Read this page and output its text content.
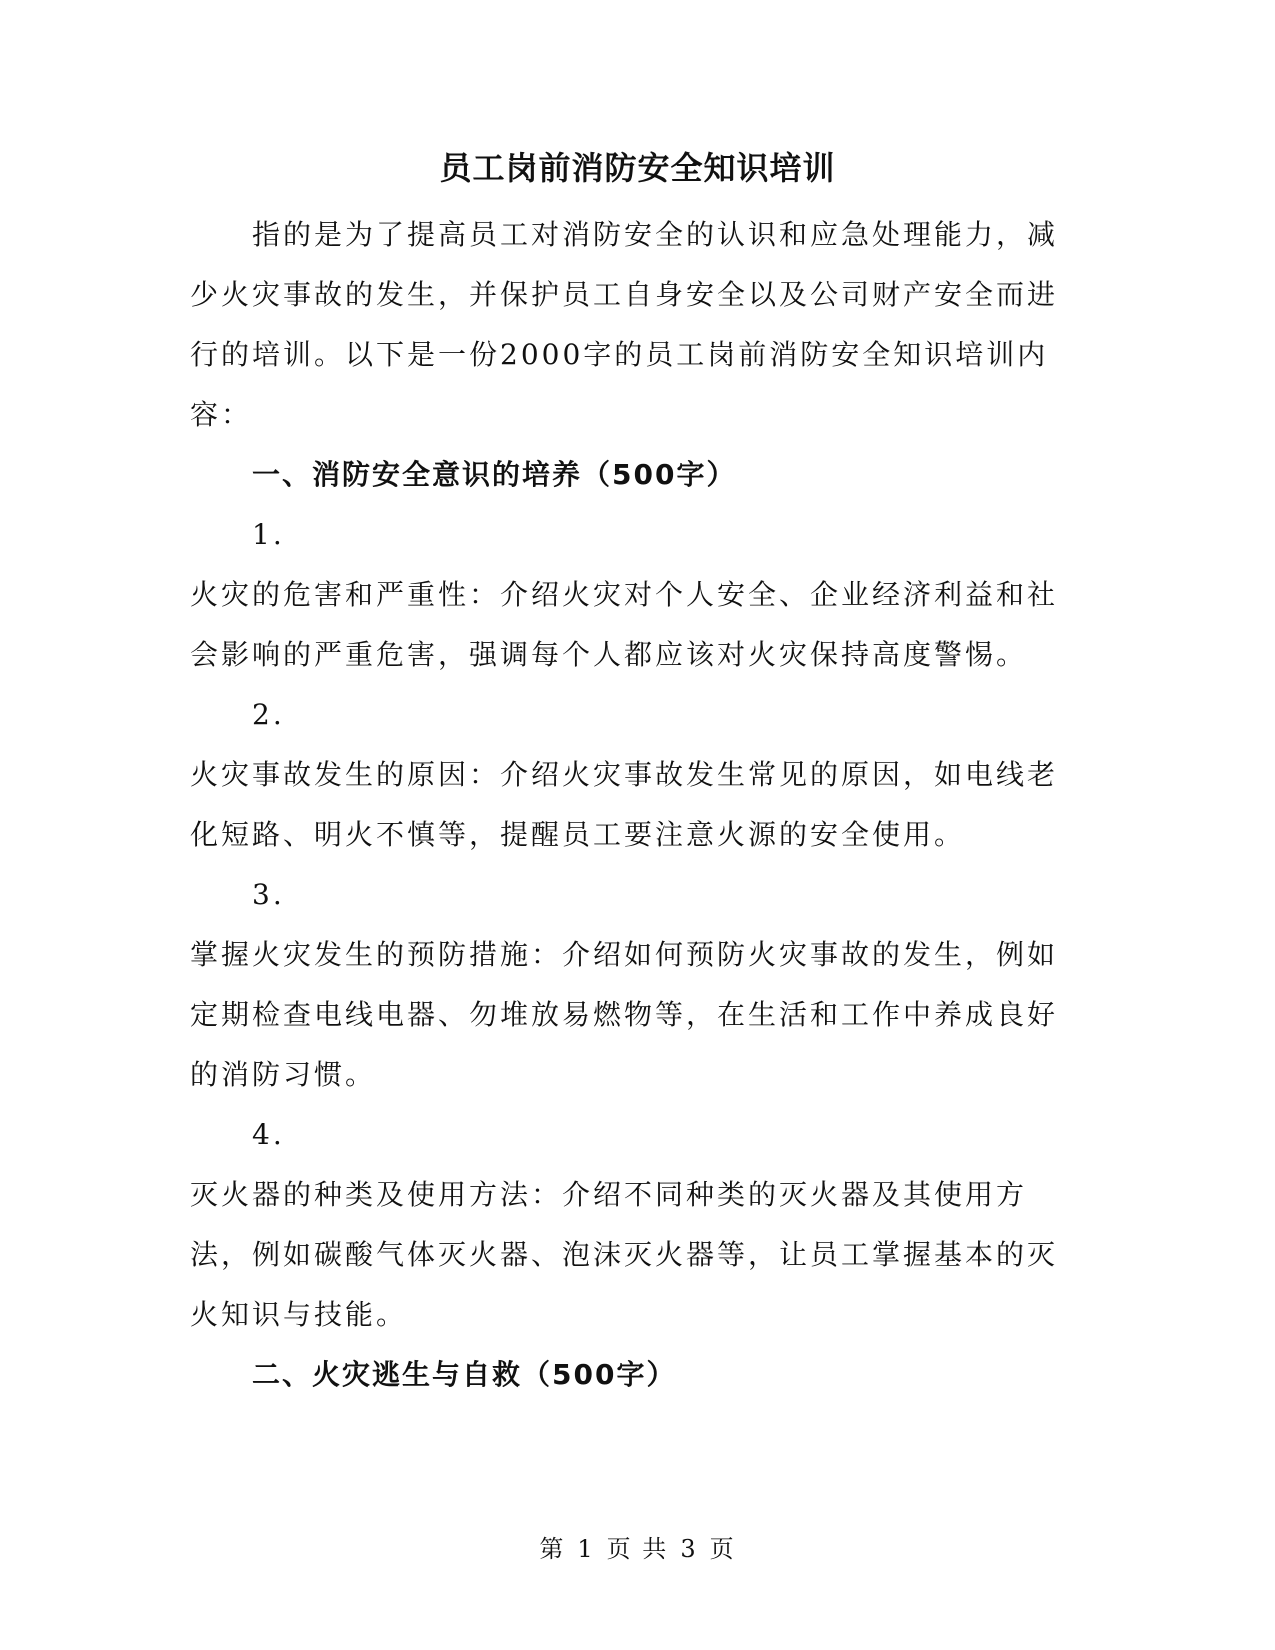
员工岗前消防安全知识培训

指的是为了提高员工对消防安全的认识和应急处理能力，减少火灾事故的发生，并保护员工自身安全以及公司财产安全而进行的培训。以下是一份2000字的员工岗前消防安全知识培训内容：

一、消防安全意识的培养（500字）

1.

火灾的危害和严重性：介绍火灾对个人安全、企业经济利益和社会影响的严重危害，强调每个人都应该对火灾保持高度警惕。

2.

火灾事故发生的原因：介绍火灾事故发生常见的原因，如电线老化短路、明火不慎等，提醒员工要注意火源的安全使用。

3.

掌握火灾发生的预防措施：介绍如何预防火灾事故的发生，例如定期检查电线电器、勿堆放易燃物等，在生活和工作中养成良好的消防习惯。

4.

灭火器的种类及使用方法：介绍不同种类的灭火器及其使用方法，例如碳酸气体灭火器、泡沫灭火器等，让员工掌握基本的灭火知识与技能。

二、火灾逃生与自救（500字）

第 1 页 共 3 页
